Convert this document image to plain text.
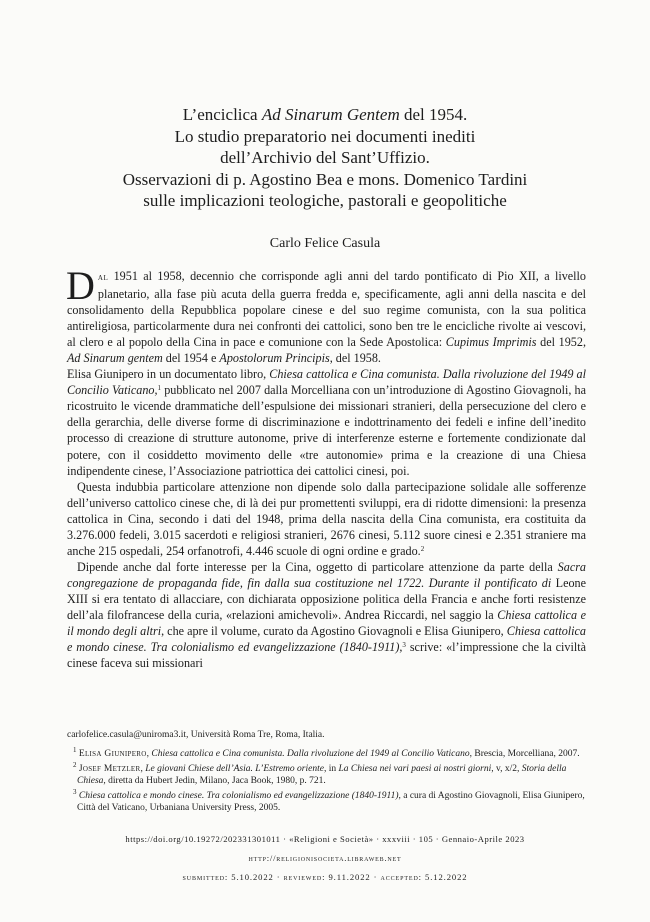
L’enciclica Ad Sinarum Gentem del 1954.
Lo studio preparatorio nei documenti inediti
dell’Archivio del Sant’Uffizio.
Osservazioni di p. Agostino Bea e mons. Domenico Tardini
sulle implicazioni teologiche, pastorali e geopolitiche
Carlo Felice Casula

Dal 1951 al 1958, decennio che corrisponde agli anni del tardo pontificato di Pio XII, a livello planetario, alla fase più acuta della guerra fredda e, specificamente, agli anni della nascita e del consolidamento della Repubblica popolare cinese e del suo regime comunista, con la sua politica antireligiosa, particolarmente dura nei confronti dei cattolici, sono ben tre le encicliche rivolte ai vescovi, al clero e al popolo della Cina in pace e comunione con la Sede Apostolica: Cupimus Imprimis del 1952, Ad Sinarum gentem del 1954 e Apostolorum Principis, del 1958.

Elisa Giunipero in un documentato libro, Chiesa cattolica e Cina comunista. Dalla rivoluzione del 1949 al Concilio Vaticano,$^1$ pubblicato nel 2007 dalla Morcelliana con un’introduzione di Agostino Giovagnoli, ha ricostruito le vicende drammatiche dell’espulsione dei missionari stranieri, della persecuzione del clero e della gerarchia, delle diverse forme di discriminazione e indottrinamento dei fedeli e infine dell’inedito processo di creazione di strutture autonome, prive di interferenze esterne e fortemente condizionate dal potere, con il cosiddetto movimento delle «tre autonomie» prima e la creazione di una Chiesa indipendente cinese, l’Associazione patriottica dei cattolici cinesi, poi.

Questa indubbia particolare attenzione non dipende solo dalla partecipazione solidale alle sofferenze dell’universo cattolico cinese che, di là dei pur promettenti sviluppi, era di ridotte dimensioni: la presenza cattolica in Cina, secondo i dati del 1948, prima della nascita della Cina comunista, era costituita da 3.276.000 fedeli, 3.015 sacerdoti e religiosi stranieri, 2676 cinesi, 5.112 suore cinesi e 2.351 straniere ma anche 215 ospedali, 254 orfanotrofi, 4.446 scuole di ogni ordine e grado.$^2$

Dipende anche dal forte interesse per la Cina, oggetto di particolare attenzione da parte della Sacra congregazione de propaganda fide, fin dalla sua costituzione nel 1722. Durante il pontificato di Leone XIII si era tentato di allacciare, con dichiarata opposizione politica della Francia e anche forti resistenze dell’ala filofrancese della curia, «relazioni amichevoli». Andrea Riccardi, nel saggio la Chiesa cattolica e il mondo degli altri, che apre il volume, curato da Agostino Giovagnoli e Elisa Giunipero, Chiesa cattolica e mondo cinese. Tra colonialismo ed evangelizzazione (1840-1911),$^3$ scrive: «l’impressione che la civiltà cinese faceva sui missionari

carlofelice.casula@uniroma3.it, Università Roma Tre, Roma, Italia.
$^1$ Elisa Giunipero, Chiesa cattolica e Cina comunista. Dalla rivoluzione del 1949 al Concilio Vaticano, Brescia, Morcelliana, 2007.
$^2$ Josef Metzler, Le giovani Chiese dell’Asia. L’Estremo oriente, in La Chiesa nei vari paesi ai nostri giorni, v, x/2, Storia della Chiesa, diretta da Hubert Jedin, Milano, Jaca Book, 1980, p. 721.
$^3$ Chiesa cattolica e mondo cinese. Tra colonialismo ed evangelizzazione (1840-1911), a cura di Agostino Giovagnoli, Elisa Giunipero, Città del Vaticano, Urbaniana University Press, 2005.
https://doi.org/10.19272/202331301011 · «Religioni e Società» · xxxviii · 105 · Gennaio-Aprile 2023
http://religionisocieta.libraweb.net
submitted: 5.10.2022 · reviewed: 9.11.2022 · accepted: 5.12.2022
